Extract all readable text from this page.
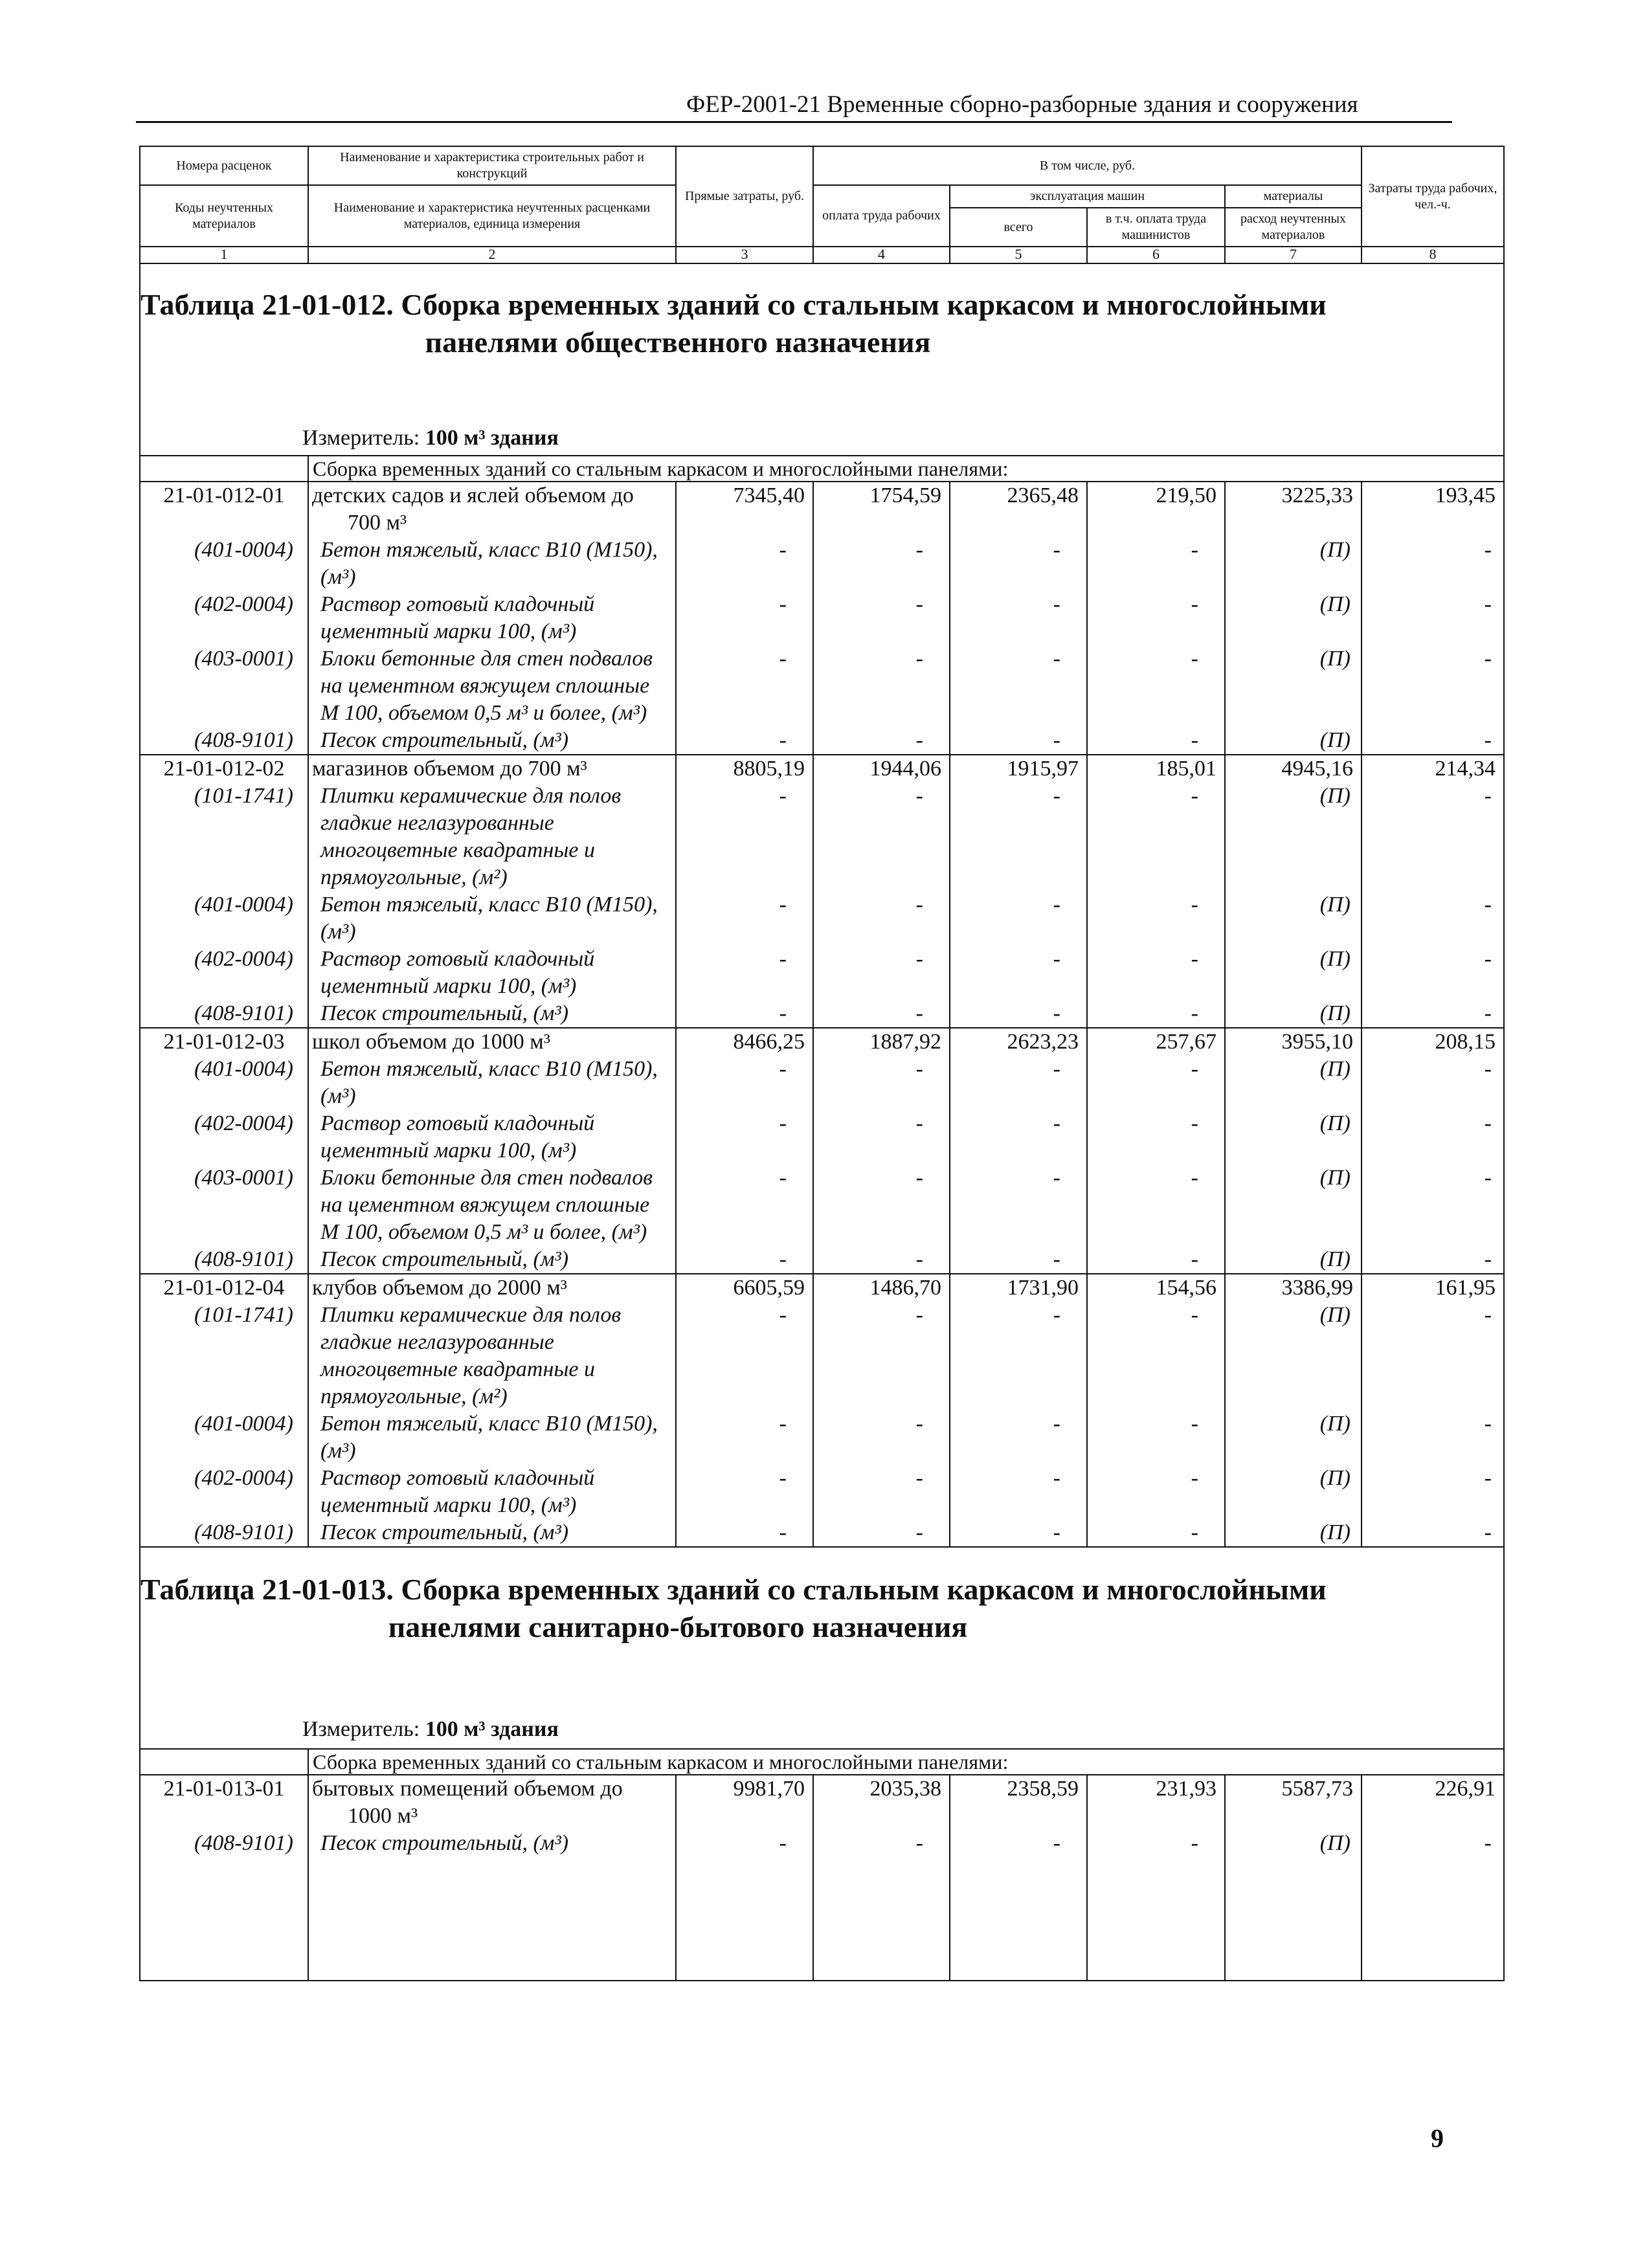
ФЕР-2001-21 Временные сборно-разборные здания и сооружения
Номера расценок	Наименование и характеристика строительных работ и конструкций	Прямые затраты, руб.	В том числе, руб.				Затраты труда рабочих, чел.-ч.
Коды неучтенных материалов	Наименование и характеристика неучтенных расценками материалов, единица измерения		оплата труда рабочих	эксплуатация машин		материалы	
				всего	в т.ч. оплата труда машинистов	расход неучтенных материалов	
1	2	3	4	5	6	7	8

Таблица 21-01-012. Сборка временных зданий со стальным каркасом и многослойными
панелями общественного назначения
Измеритель: 100 м³ здания							

	Сборка временных зданий со стальным каркасом и многослойными панелями:						
21-01-012-01	детских садов и яслей объемом до 700 м³	7345,40	1754,59	2365,48	219,50	3225,33	193,45
(401-0004)	Бетон тяжелый, класс В10 (М150), (м³)	-	-	-	-	(П)	-
(402-0004)	Раствор готовый кладочный цементный марки 100, (м³)	-	-	-	-	(П)	-
(403-0001)	Блоки бетонные для стен подвалов на цементном вяжущем сплошные М 100, объемом 0,5 м³ и более, (м³)	-	-	-	-	(П)	-
(408-9101)	Песок строительный, (м³)	-	-	-	-	(П)	-
21-01-012-02	магазинов объемом до 700 м³	8805,19	1944,06	1915,97	185,01	4945,16	214,34
(101-1741)	Плитки керамические для полов гладкие неглазурованные многоцветные квадратные и прямоугольные, (м²)	-	-	-	-	(П)	-
(401-0004)	Бетон тяжелый, класс В10 (М150), (м³)	-	-	-	-	(П)	-
(402-0004)	Раствор готовый кладочный цементный марки 100, (м³)	-	-	-	-	(П)	-
(408-9101)	Песок строительный, (м³)	-	-	-	-	(П)	-
21-01-012-03	школ объемом до 1000 м³	8466,25	1887,92	2623,23	257,67	3955,10	208,15
(401-0004)	Бетон тяжелый, класс В10 (М150), (м³)	-	-	-	-	(П)	-
(402-0004)	Раствор готовый кладочный цементный марки 100, (м³)	-	-	-	-	(П)	-
(403-0001)	Блоки бетонные для стен подвалов на цементном вяжущем сплошные М 100, объемом 0,5 м³ и более, (м³)	-	-	-	-	(П)	-
(408-9101)	Песок строительный, (м³)	-	-	-	-	(П)	-
21-01-012-04	клубов объемом до 2000 м³	6605,59	1486,70	1731,90	154,56	3386,99	161,95
(101-1741)	Плитки керамические для полов гладкие неглазурованные многоцветные квадратные и прямоугольные, (м²)	-	-	-	-	(П)	-
(401-0004)	Бетон тяжелый, класс В10 (М150), (м³)	-	-	-	-	(П)	-
(402-0004)	Раствор готовый кладочный цементный марки 100, (м³)	-	-	-	-	(П)	-
(408-9101)	Песок строительный, (м³)	-	-	-	-	(П)	-

Таблица 21-01-013. Сборка временных зданий со стальным каркасом и многослойными
панелями санитарно-бытового назначения
Измеритель: 100 м³ здания							

	Сборка временных зданий со стальным каркасом и многослойными панелями:						
21-01-013-01	бытовых помещений объемом до 1000 м³	9981,70	2035,38	2358,59	231,93	5587,73	226,91
(408-9101)	Песок строительный, (м³)	-	-	-	-	(П)	-

9
